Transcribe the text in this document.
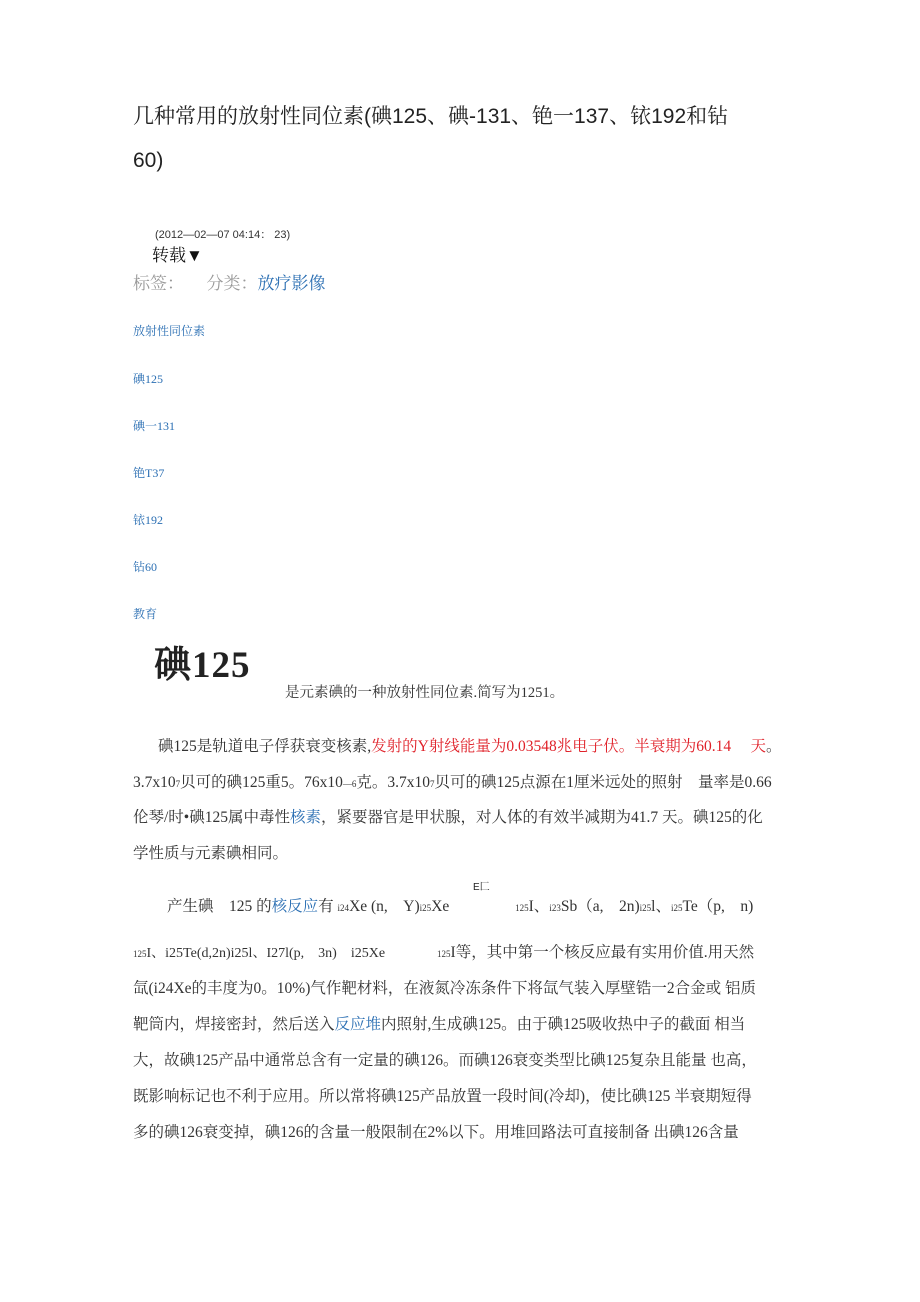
几种常用的放射性同位素(碘125、碘-131、铯一137、铱192和钻
60)
(2012—02—07 04:14： 23)
转载▼
标签： 分类：放疗影像
放射性同位素
碘125
碘一131
铯T37
铱192
钻60
教育
碘125
是元素碘的一种放射性同位素.简写为1251。
碘125是轨道电子俘获衰变核素,发射的Y射线能量为0.03548兆电子伏。半衰期为60.14　 天。
3.7x107贝可的碘125重5。76x10—6克。3.7x107贝可的碘125点源在1厘米远处的照射　量率是0.66
伦琴/时•碘125属中毒性核素，紧要器官是甲状腺，对人体的有效半减期为41.7 天。碘125的化
学性质与元素碘相同。
E匚
产生碘　125 的核反应有 i24Xe (n,　Y)i25Xe	125I、i23Sb（a,　2n)i25l、i25Te（p,　n)
125I、i25Te(d,2n)i25l、I27l(p,　3n)　i25Xe	125I等，其中第一个核反应最有实用价值.用天然
氙(i24Xe的丰度为0。10%)气作靶材料，在液氮冷冻条件下将氙气装入厚壁锆一2合金或 铝质
靶筒内，焊接密封，然后送入反应堆内照射,生成碘125。由于碘125吸收热中子的截面 相当
大，故碘125产品中通常总含有一定量的碘126。而碘126衰变类型比碘125复杂且能量 也高，
既影响标记也不利于应用。所以常将碘125产品放置一段时间(冷却)，使比碘125 半衰期短得
多的碘126衰变掉，碘126的含量一般限制在2%以下。用堆回路法可直接制备 出碘126含量
